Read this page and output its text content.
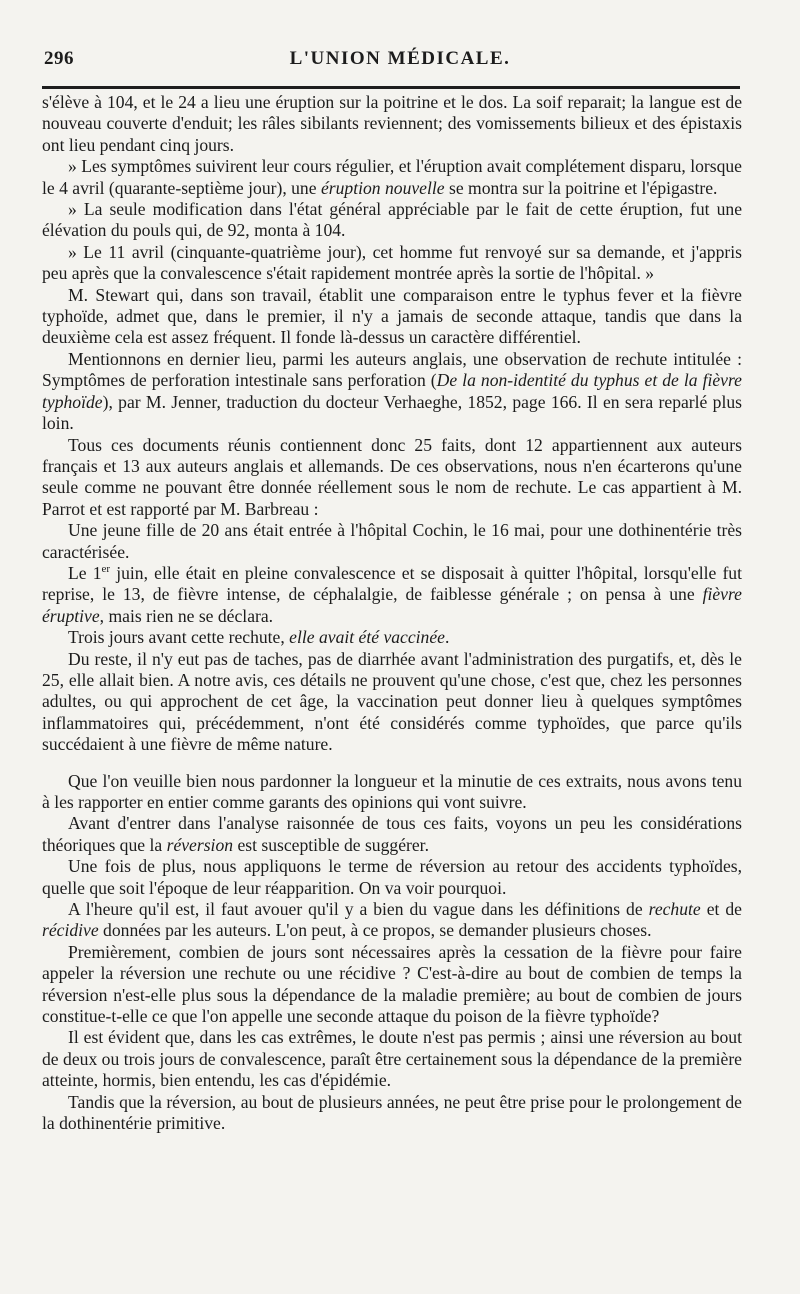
296	L'UNION MÉDICALE.

s'élève à 104, et le 24 a lieu une éruption sur la poitrine et le dos. La soif reparait; la langue est de nouveau couverte d'enduit; les râles sibilants reviennent; des vomissements bilieux et des épistaxis ont lieu pendant cinq jours.

» Les symptômes suivirent leur cours régulier, et l'éruption avait complétement disparu, lorsque le 4 avril (quarante-septième jour), une éruption nouvelle se montra sur la poitrine et l'épigastre.

» La seule modification dans l'état général appréciable par le fait de cette éruption, fut une élévation du pouls qui, de 92, monta à 104.

» Le 11 avril (cinquante-quatrième jour), cet homme fut renvoyé sur sa demande, et j'appris peu après que la convalescence s'était rapidement montrée après la sortie de l'hôpital. »

M. Stewart qui, dans son travail, établit une comparaison entre le typhus fever et la fièvre typhoïde, admet que, dans le premier, il n'y a jamais de seconde attaque, tandis que dans la deuxième cela est assez fréquent. Il fonde là-dessus un caractère différentiel.

Mentionnons en dernier lieu, parmi les auteurs anglais, une observation de rechute intitulée : Symptômes de perforation intestinale sans perforation (De la non-identité du typhus et de la fièvre typhoïde), par M. Jenner, traduction du docteur Verhaeghe, 1852, page 166. Il en sera reparlé plus loin.

Tous ces documents réunis contiennent donc 25 faits, dont 12 appartiennent aux auteurs français et 13 aux auteurs anglais et allemands. De ces observations, nous n'en écarterons qu'une seule comme ne pouvant être donnée réellement sous le nom de rechute. Le cas appartient à M. Parrot et est rapporté par M. Barbreau :

Une jeune fille de 20 ans était entrée à l'hôpital Cochin, le 16 mai, pour une dothinentérie très caractérisée.

Le 1er juin, elle était en pleine convalescence et se disposait à quitter l'hôpital, lorsqu'elle fut reprise, le 13, de fièvre intense, de céphalalgie, de faiblesse générale ; on pensa à une fièvre éruptive, mais rien ne se déclara.

Trois jours avant cette rechute, elle avait été vaccinée.

Du reste, il n'y eut pas de taches, pas de diarrhée avant l'administration des purgatifs, et, dès le 25, elle allait bien. A notre avis, ces détails ne prouvent qu'une chose, c'est que, chez les personnes adultes, ou qui approchent de cet âge, la vaccination peut donner lieu à quelques symptômes inflammatoires qui, précédemment, n'ont été considérés comme typhoïdes, que parce qu'ils succédaient à une fièvre de même nature.

Que l'on veuille bien nous pardonner la longueur et la minutie de ces extraits, nous avons tenu à les rapporter en entier comme garants des opinions qui vont suivre.

Avant d'entrer dans l'analyse raisonnée de tous ces faits, voyons un peu les considérations théoriques que la réversion est susceptible de suggérer.

Une fois de plus, nous appliquons le terme de réversion au retour des accidents typhoïdes, quelle que soit l'époque de leur réapparition. On va voir pourquoi.

A l'heure qu'il est, il faut avouer qu'il y a bien du vague dans les définitions de rechute et de récidive données par les auteurs. L'on peut, à ce propos, se demander plusieurs choses.

Premièrement, combien de jours sont nécessaires après la cessation de la fièvre pour faire appeler la réversion une rechute ou une récidive ? C'est-à-dire au bout de combien de temps la réversion n'est-elle plus sous la dépendance de la maladie première; au bout de combien de jours constitue-t-elle ce que l'on appelle une seconde attaque du poison de la fièvre typhoïde?

Il est évident que, dans les cas extrêmes, le doute n'est pas permis ; ainsi une réversion au bout de deux ou trois jours de convalescence, paraît être certainement sous la dépendance de la première atteinte, hormis, bien entendu, les cas d'épidémie.

Tandis que la réversion, au bout de plusieurs années, ne peut être prise pour le prolongement de la dothinentérie primitive.
